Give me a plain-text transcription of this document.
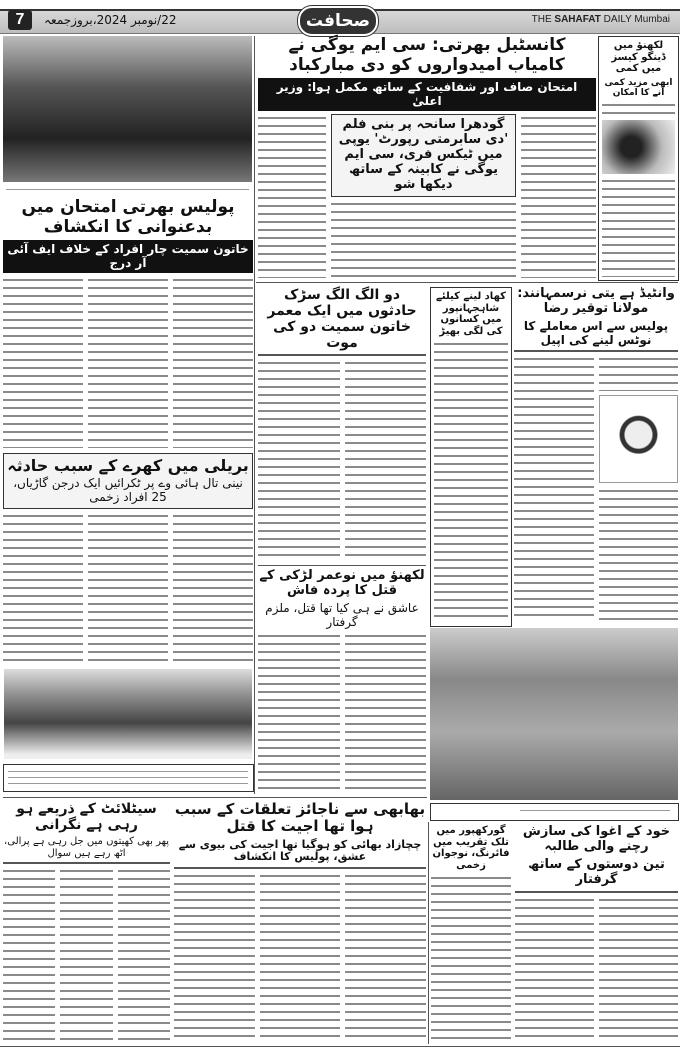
7	22/نومبر 2024،بروزجمعہ	صحافت	THE SAHAFAT DAILY Mumbai
پولیس بھرتی امتحان میں بدعنوانی کا انکشاف
خاتون سمیت چار افراد کے خلاف ایف آئی آر درج
بریلی میں کھرے کے سبب حادثہ
نینی تال ہائی وے پر ٹکرائیں ایک درجن گاڑیاں، 25 افراد زخمی
کانسٹبل بھرتی: سی ایم یوگی نے کامیاب امیدواروں کو دی مبارکباد
امتحان صاف اور شفافیت کے ساتھ مکمل ہوا: وزیر اعلیٰ
گودھرا سانحہ پر بنی فلم 'دی سابرمتی رپورٹ' یوپی میں ٹیکس فری، سی ایم یوگی نے کابینہ کے ساتھ دیکھا شو
لکھنؤ میں ڈینگو کیسز میں کمی
ابھی مزید کمی آنے کا امکان
دو الگ الگ سڑک حادثوں میں ایک معمر خاتون سمیت دو کی موت
کھاد لینے کیلئے شاہجہانپور میں کسانوں کی لگی بھیڑ
وانٹیڈ ہے یتی نرسمہانند: مولانا توقیر رضا
پولیس سے اس معاملے کا نوٹس لینے کی اپیل
لکھنؤ میں نوعمر لڑکی کے قتل کا پردہ فاش
عاشق نے ہی کیا تھا قتل، ملزم گرفتار
سیٹلائٹ کے ذریعے ہو رہی ہے نگرانی
پھر بھی کھیتوں میں جل رہی ہے پرالی، اٹھ رہے ہیں سوال
بھابھی سے ناجائز تعلقات کے سبب ہوا تھا اجیت کا قتل
چچازاد بھائی کو ہوگیا تھا اجیت کی بیوی سے عشق، پولیس کا انکشاف
گورکھپور میں تلک تقریب میں فائرنگ، نوجوان زخمی
خود کے اغوا کی سازش رچنے والی طالبہ
تین دوستوں کے ساتھ گرفتار
